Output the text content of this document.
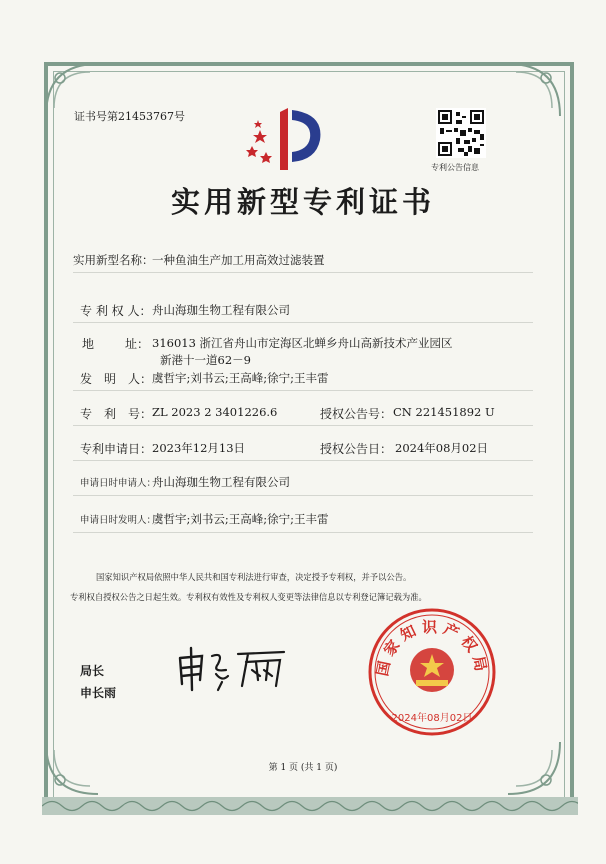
证书号第21453767号
专利公告信息
实用新型专利证书
实用新型名称：
一种鱼油生产加工用高效过滤装置
专 利 权 人： 舟山海珈生物工程有限公司
地	址： 316013 浙江省舟山市定海区北蝉乡舟山高新技术产业园区
新港十一道62－9
发　明　人： 虞哲宇;刘书云;王高峰;徐宁;王丰雷
专　利　号： ZL 2023 2 3401226.6	授权公告号： CN 221451892 U
专利申请日： 2023年12月13日	授权公告日： 2024年08月02日
申请日时申请人：
舟山海珈生物工程有限公司
申请日时发明人：
虞哲宇;刘书云;王高峰;徐宁;王丰雷
国家知识产权局依照中华人民共和国专利法进行审查，决定授予专利权，并予以公告。
专利权自授权公告之日起生效。专利权有效性及专利权人变更等法律信息以专利登记簿记载为准。
局长
申长雨
国家知识产权局
2024年08月02日
第 1 页 (共 1 页)
